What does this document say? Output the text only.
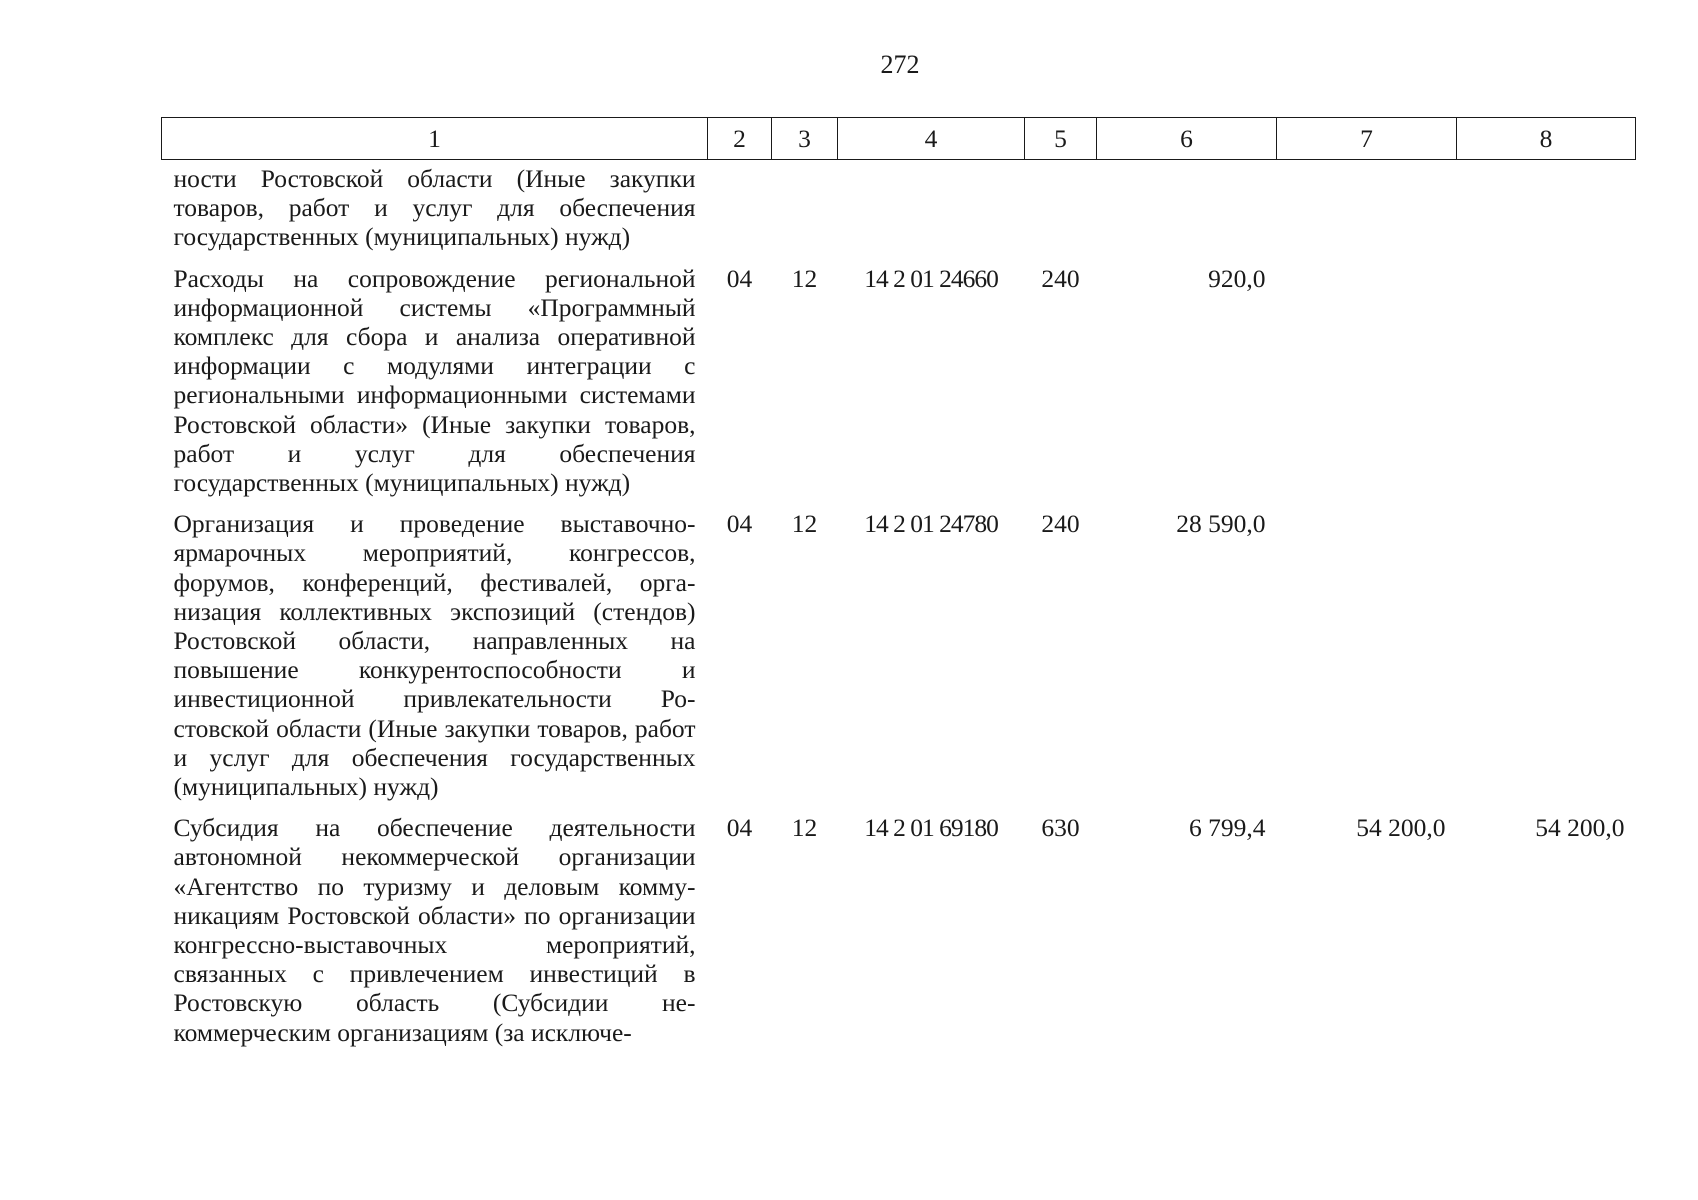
272
1	2	3	4	5	6	7	8
ности Ростовской области (Иные закупки товаров, работ и услуг для обеспечения государственных (муниципальных) нужд)							
Расходы на сопровождение региональной информационной системы «Программный комплекс для сбора и анализа оперативной информации с модулями интеграции с региональными информационными системами Ростовской области» (Иные закупки товаров, работ и услуг для обеспечения государственных (муниципальных) нужд)	04	12	14 2 01 24660	240	920,0		
Организация и проведение выставочно-ярмарочных мероприятий, конгрессов, форумов, конференций, фестивалей, организация коллективных экспозиций (стендов) Ростовской области, направленных на повышение конкурентоспособности и инвестиционной привлекательности Ростовской области (Иные закупки товаров, работ и услуг для обеспечения государственных (муниципальных) нужд)	04	12	14 2 01 24780	240	28 590,0		
Субсидия на обеспечение деятельности автономной некоммерческой организации «Агентство по туризму и деловым коммуникациям Ростовской области» по организации конгрессно-выставочных мероприятий, связанных с привлечением инвестиций в Ростовскую область (Субсидии некоммерческим организациям (за исключе-	04	12	14 2 01 69180	630	6 799,4	54 200,0	54 200,0
